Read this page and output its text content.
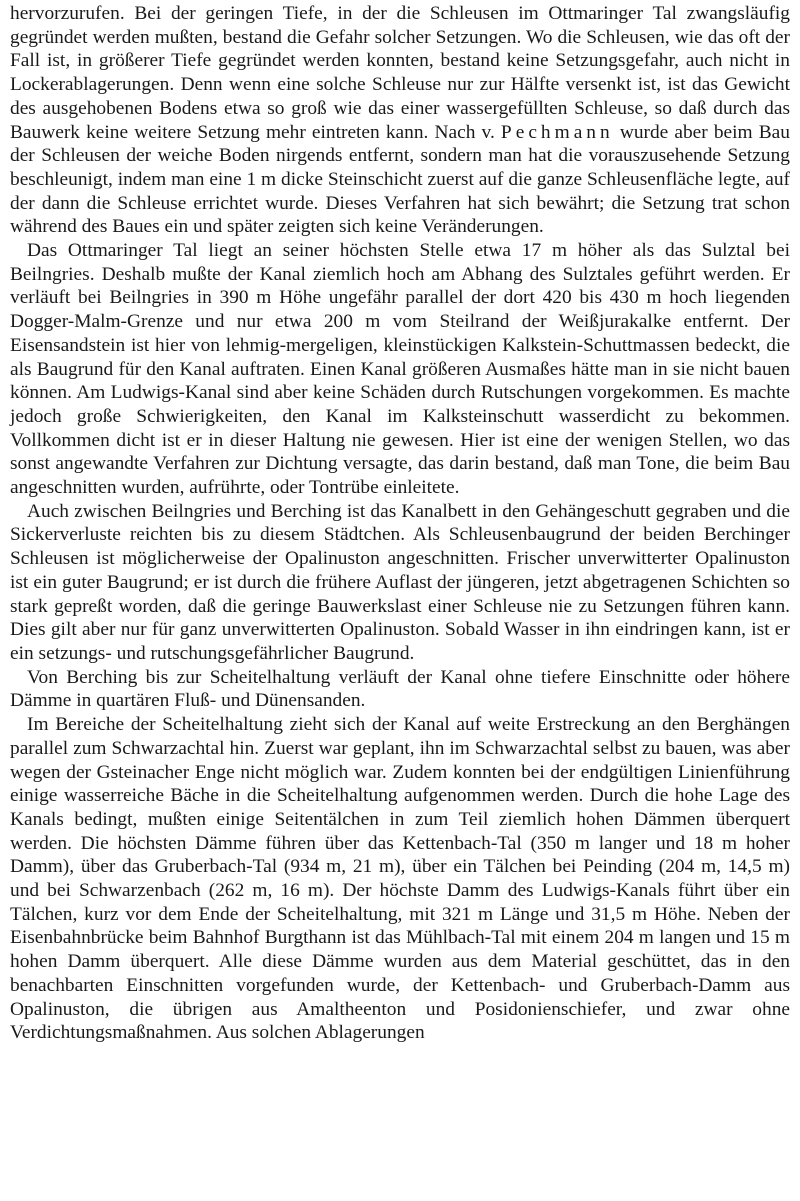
hervorzurufen. Bei der geringen Tiefe, in der die Schleusen im Ottmaringer Tal zwangsläufig gegründet werden mußten, bestand die Gefahr solcher Setzungen. Wo die Schleusen, wie das oft der Fall ist, in größerer Tiefe gegründet werden konnten, bestand keine Setzungsgefahr, auch nicht in Lockerablagerungen. Denn wenn eine solche Schleuse nur zur Hälfte versenkt ist, ist das Gewicht des ausgehobenen Bodens etwa so groß wie das einer wassergefüllten Schleuse, so daß durch das Bauwerk keine weitere Setzung mehr eintreten kann. Nach v. Pechmann wurde aber beim Bau der Schleusen der weiche Boden nirgends entfernt, sondern man hat die vorauszusehende Setzung beschleunigt, indem man eine 1 m dicke Steinschicht zuerst auf die ganze Schleusenfläche legte, auf der dann die Schleuse errichtet wurde. Dieses Verfahren hat sich bewährt; die Setzung trat schon während des Baues ein und später zeigten sich keine Veränderungen.

Das Ottmaringer Tal liegt an seiner höchsten Stelle etwa 17 m höher als das Sulztal bei Beilngries. Deshalb mußte der Kanal ziemlich hoch am Abhang des Sulztales geführt werden. Er verläuft bei Beilngries in 390 m Höhe ungefähr parallel der dort 420 bis 430 m hoch liegenden Dogger-Malm-Grenze und nur etwa 200 m vom Steilrand der Weißjurakalke entfernt. Der Eisensandstein ist hier von lehmig-mergeligen, kleinstückigen Kalkstein-Schuttmassen bedeckt, die als Baugrund für den Kanal auftraten. Einen Kanal größeren Ausmaßes hätte man in sie nicht bauen können. Am Ludwigs-Kanal sind aber keine Schäden durch Rutschungen vorgekommen. Es machte jedoch große Schwierigkeiten, den Kanal im Kalksteinschutt wasserdicht zu bekommen. Vollkommen dicht ist er in dieser Haltung nie gewesen. Hier ist eine der wenigen Stellen, wo das sonst angewandte Verfahren zur Dichtung versagte, das darin bestand, daß man Tone, die beim Bau angeschnitten wurden, aufrührte, oder Tontrübe einleitete.

Auch zwischen Beilngries und Berching ist das Kanalbett in den Gehängeschutt gegraben und die Sickerverluste reichten bis zu diesem Städtchen. Als Schleusenbaugrund der beiden Berchinger Schleusen ist möglicherweise der Opalinuston angeschnitten. Frischer unverwitterter Opalinuston ist ein guter Baugrund; er ist durch die frühere Auflast der jüngeren, jetzt abgetragenen Schichten so stark gepreßt worden, daß die geringe Bauwerkslast einer Schleuse nie zu Setzungen führen kann. Dies gilt aber nur für ganz unverwitterten Opalinuston. Sobald Wasser in ihn eindringen kann, ist er ein setzungs- und rutschungsgefährlicher Baugrund.

Von Berching bis zur Scheitelhaltung verläuft der Kanal ohne tiefere Einschnitte oder höhere Dämme in quartären Fluß- und Dünensanden.

Im Bereiche der Scheitelhaltung zieht sich der Kanal auf weite Erstreckung an den Berghängen parallel zum Schwarzachtal hin. Zuerst war geplant, ihn im Schwarzachtal selbst zu bauen, was aber wegen der Gsteinacher Enge nicht möglich war. Zudem konnten bei der endgültigen Linienführung einige wasserreiche Bäche in die Scheitelhaltung aufgenommen werden. Durch die hohe Lage des Kanals bedingt, mußten einige Seitentälchen in zum Teil ziemlich hohen Dämmen überquert werden. Die höchsten Dämme führen über das Kettenbach-Tal (350 m langer und 18 m hoher Damm), über das Gruberbach-Tal (934 m, 21 m), über ein Tälchen bei Peinding (204 m, 14,5 m) und bei Schwarzenbach (262 m, 16 m). Der höchste Damm des Ludwigs-Kanals führt über ein Tälchen, kurz vor dem Ende der Scheitelhaltung, mit 321 m Länge und 31,5 m Höhe. Neben der Eisenbahnbrücke beim Bahnhof Burgthann ist das Mühlbach-Tal mit einem 204 m langen und 15 m hohen Damm überquert. Alle diese Dämme wurden aus dem Material geschüttet, das in den benachbarten Einschnitten vorgefunden wurde, der Kettenbach- und Gruberbach-Damm aus Opalinuston, die übrigen aus Amaltheenton und Posidonienschiefer, und zwar ohne Verdichtungsmaßnahmen. Aus solchen Ablagerungen
